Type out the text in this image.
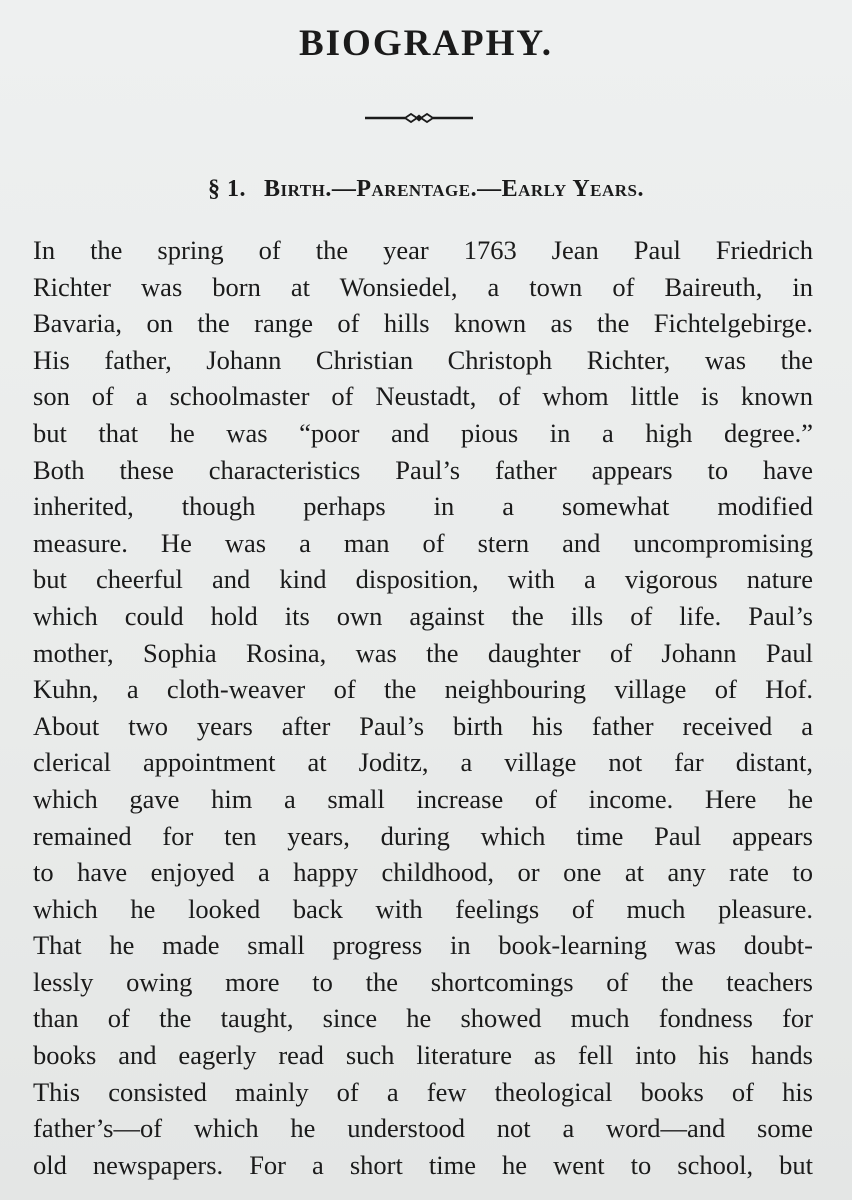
BIOGRAPHY.
§ 1. Birth.—Parentage.—Early Years.
In the spring of the year 1763 Jean Paul Friedrich
Richter was born at Wonsiedel, a town of Baireuth, in
Bavaria, on the range of hills known as the Fichtelgebirge.
His father, Johann Christian Christoph Richter, was the
son of a schoolmaster of Neustadt, of whom little is known
but that he was “poor and pious in a high degree.”
Both these characteristics Paul’s father appears to have
inherited, though perhaps in a somewhat modified
measure. He was a man of stern and uncompromising
but cheerful and kind disposition, with a vigorous nature
which could hold its own against the ills of life. Paul’s
mother, Sophia Rosina, was the daughter of Johann Paul
Kuhn, a cloth-weaver of the neighbouring village of Hof.
About two years after Paul’s birth his father received a
clerical appointment at Joditz, a village not far distant,
which gave him a small increase of income. Here he
remained for ten years, during which time Paul appears
to have enjoyed a happy childhood, or one at any rate to
which he looked back with feelings of much pleasure.
That he made small progress in book-learning was doubt-
lessly owing more to the shortcomings of the teachers
than of the taught, since he showed much fondness for
books and eagerly read such literature as fell into his hands
This consisted mainly of a few theological books of his
father’s—of which he understood not a word—and some
old newspapers. For a short time he went to school, but
